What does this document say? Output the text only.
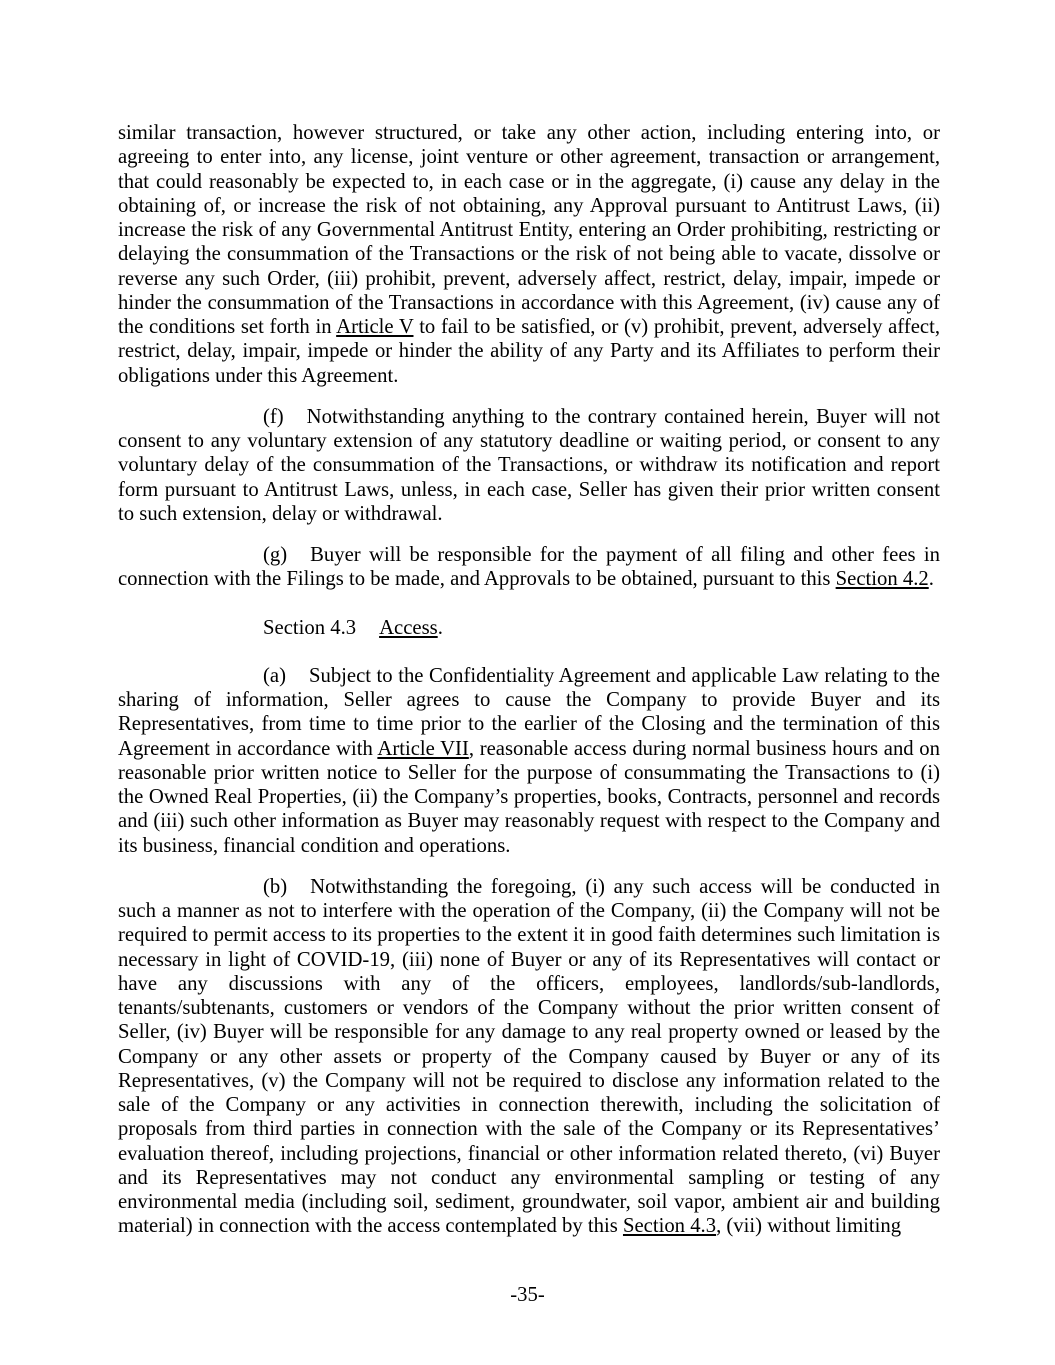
similar transaction, however structured, or take any other action, including entering into, or agreeing to enter into, any license, joint venture or other agreement, transaction or arrangement, that could reasonably be expected to, in each case or in the aggregate, (i) cause any delay in the obtaining of, or increase the risk of not obtaining, any Approval pursuant to Antitrust Laws, (ii) increase the risk of any Governmental Antitrust Entity, entering an Order prohibiting, restricting or delaying the consummation of the Transactions or the risk of not being able to vacate, dissolve or reverse any such Order, (iii) prohibit, prevent, adversely affect, restrict, delay, impair, impede or hinder the consummation of the Transactions in accordance with this Agreement, (iv) cause any of the conditions set forth in Article V to fail to be satisfied, or (v) prohibit, prevent, adversely affect, restrict, delay, impair, impede or hinder the ability of any Party and its Affiliates to perform their obligations under this Agreement.

(f) Notwithstanding anything to the contrary contained herein, Buyer will not consent to any voluntary extension of any statutory deadline or waiting period, or consent to any voluntary delay of the consummation of the Transactions, or withdraw its notification and report form pursuant to Antitrust Laws, unless, in each case, Seller has given their prior written consent to such extension, delay or withdrawal.

(g) Buyer will be responsible for the payment of all filing and other fees in connection with the Filings to be made, and Approvals to be obtained, pursuant to this Section 4.2.

Section 4.3 Access.

(a) Subject to the Confidentiality Agreement and applicable Law relating to the sharing of information, Seller agrees to cause the Company to provide Buyer and its Representatives, from time to time prior to the earlier of the Closing and the termination of this Agreement in accordance with Article VII, reasonable access during normal business hours and on reasonable prior written notice to Seller for the purpose of consummating the Transactions to (i) the Owned Real Properties, (ii) the Company’s properties, books, Contracts, personnel and records and (iii) such other information as Buyer may reasonably request with respect to the Company and its business, financial condition and operations.

(b) Notwithstanding the foregoing, (i) any such access will be conducted in such a manner as not to interfere with the operation of the Company, (ii) the Company will not be required to permit access to its properties to the extent it in good faith determines such limitation is necessary in light of COVID-19, (iii) none of Buyer or any of its Representatives will contact or have any discussions with any of the officers, employees, landlords/sub-landlords, tenants/subtenants, customers or vendors of the Company without the prior written consent of Seller, (iv) Buyer will be responsible for any damage to any real property owned or leased by the Company or any other assets or property of the Company caused by Buyer or any of its Representatives, (v) the Company will not be required to disclose any information related to the sale of the Company or any activities in connection therewith, including the solicitation of proposals from third parties in connection with the sale of the Company or its Representatives’ evaluation thereof, including projections, financial or other information related thereto, (vi) Buyer and its Representatives may not conduct any environmental sampling or testing of any environmental media (including soil, sediment, groundwater, soil vapor, ambient air and building material) in connection with the access contemplated by this Section 4.3, (vii) without limiting

-35-
